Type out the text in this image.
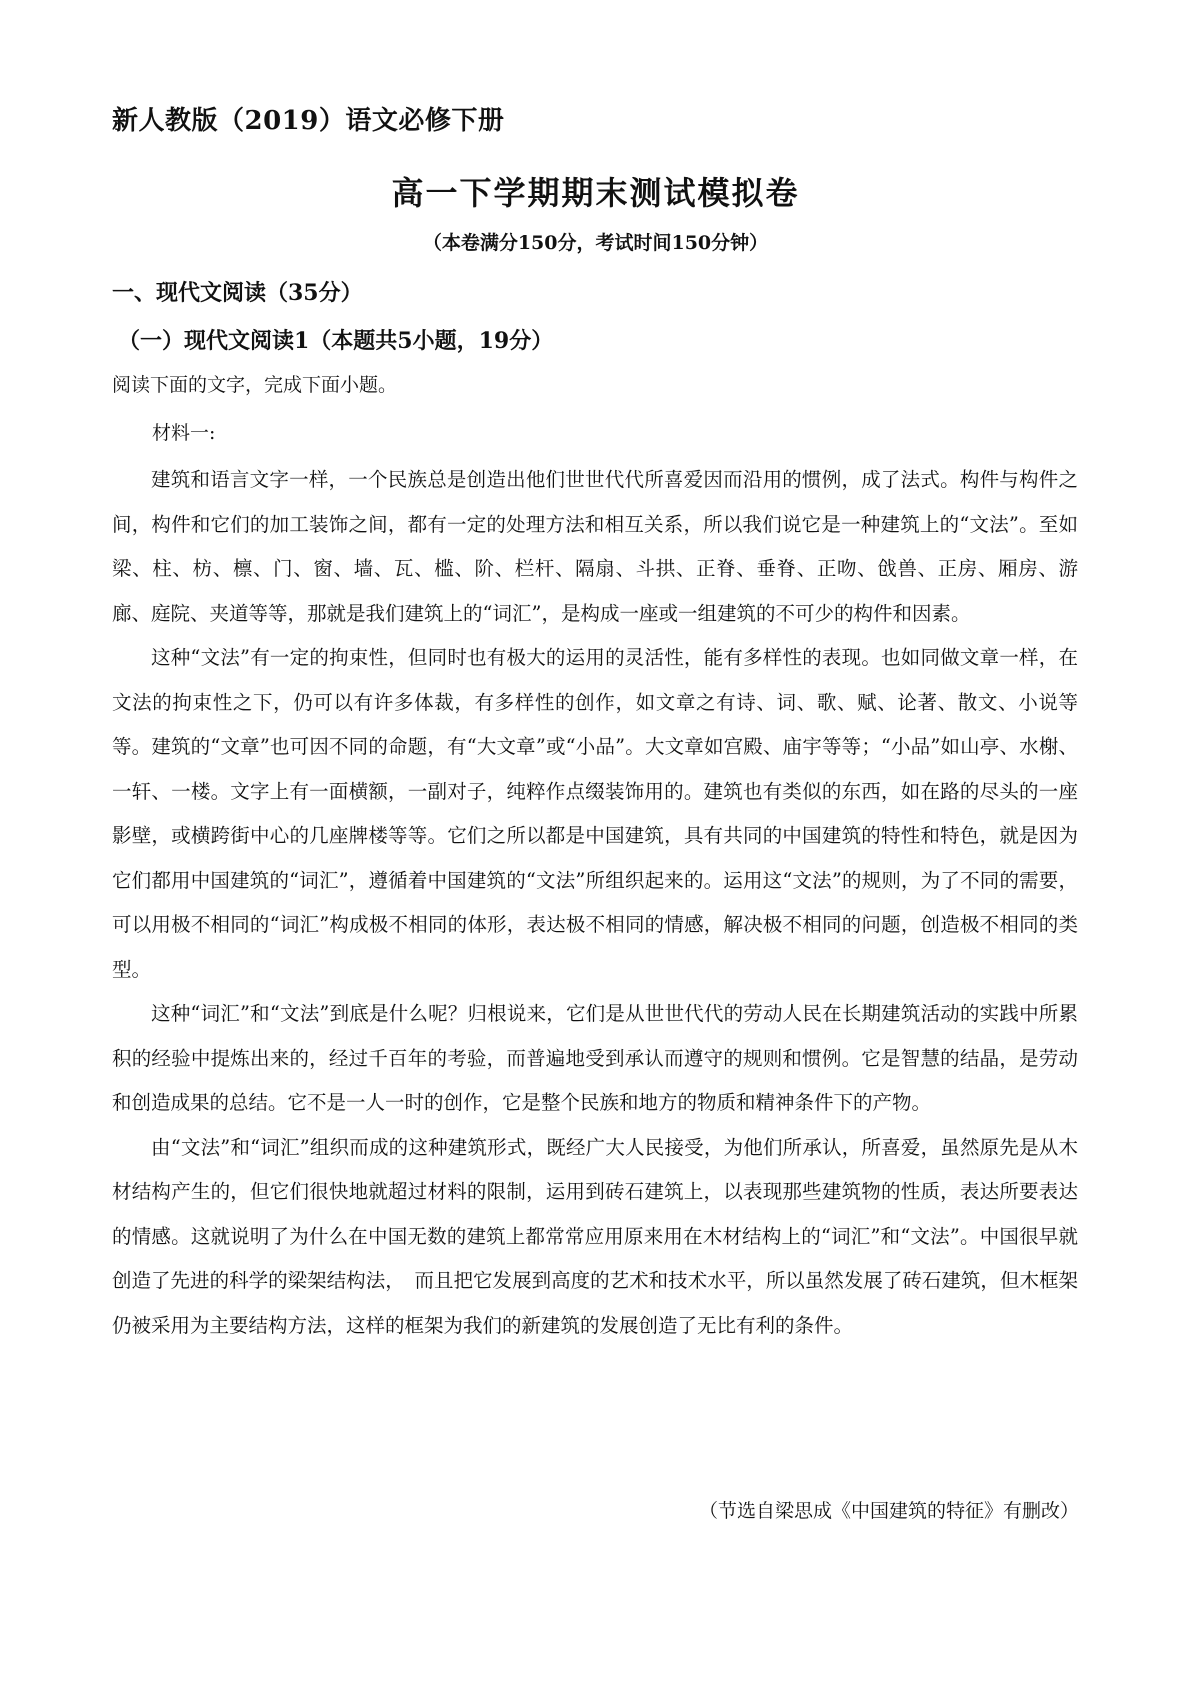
新人教版（2019）语文必修下册
高一下学期期末测试模拟卷
（本卷满分150分，考试时间150分钟）
一、现代文阅读（35分）
（一）现代文阅读1（本题共5小题，19分）
阅读下面的文字，完成下面小题。
材料一:

建筑和语言文字一样，一个民族总是创造出他们世世代代所喜爱因而沿用的惯例，成了法式。构件与构件之间，构件和它们的加工装饰之间，都有一定的处理方法和相互关系，所以我们说它是一种建筑上的“文法”。至如梁、柱、枋、檩、门、窗、墙、瓦、槛、阶、栏杆、隔扇、斗拱、正脊、垂脊、正吻、戗兽、正房、厢房、游廊、庭院、夹道等等，那就是我们建筑上的“词汇”，是构成一座或一组建筑的不可少的构件和因素。

这种“文法”有一定的拘束性，但同时也有极大的运用的灵活性，能有多样性的表现。也如同做文章一样，在文法的拘束性之下，仍可以有许多体裁，有多样性的创作，如文章之有诗、词、歌、赋、论著、散文、小说等等。建筑的“文章”也可因不同的命题，有“大文章”或“小品”。大文章如宫殿、庙宇等等；“小品”如山亭、水榭、一轩、一楼。文字上有一面横额，一副对子，纯粹作点缀装饰用的。建筑也有类似的东西，如在路的尽头的一座影壁，或横跨街中心的几座牌楼等等。它们之所以都是中国建筑，具有共同的中国建筑的特性和特色，就是因为它们都用中国建筑的“词汇”，遵循着中国建筑的“文法”所组织起来的。运用这“文法”的规则，为了不同的需要，可以用极不相同的“词汇”构成极不相同的体形，表达极不相同的情感，解决极不相同的问题，创造极不相同的类型。

这种“词汇”和“文法”到底是什么呢？归根说来，它们是从世世代代的劳动人民在长期建筑活动的实践中所累积的经验中提炼出来的，经过千百年的考验，而普遍地受到承认而遵守的规则和惯例。它是智慧的结晶，是劳动和创造成果的总结。它不是一人一时的创作，它是整个民族和地方的物质和精神条件下的产物。

由“文法”和“词汇”组织而成的这种建筑形式，既经广大人民接受，为他们所承认，所喜爱，虽然原先是从木材结构产生的，但它们很快地就超过材料的限制，运用到砖石建筑上，以表现那些建筑物的性质，表达所要表达的情感。这就说明了为什么在中国无数的建筑上都常常应用原来用在木材结构上的“词汇”和“文法”。中国很早就创造了先进的科学的梁架结构法，　而且把它发展到高度的艺术和技术水平，所以虽然发展了砖石建筑，但木框架仍被采用为主要结构方法，这样的框架为我们的新建筑的发展创造了无比有利的条件。

（节选自梁思成《中国建筑的特征》有删改）
